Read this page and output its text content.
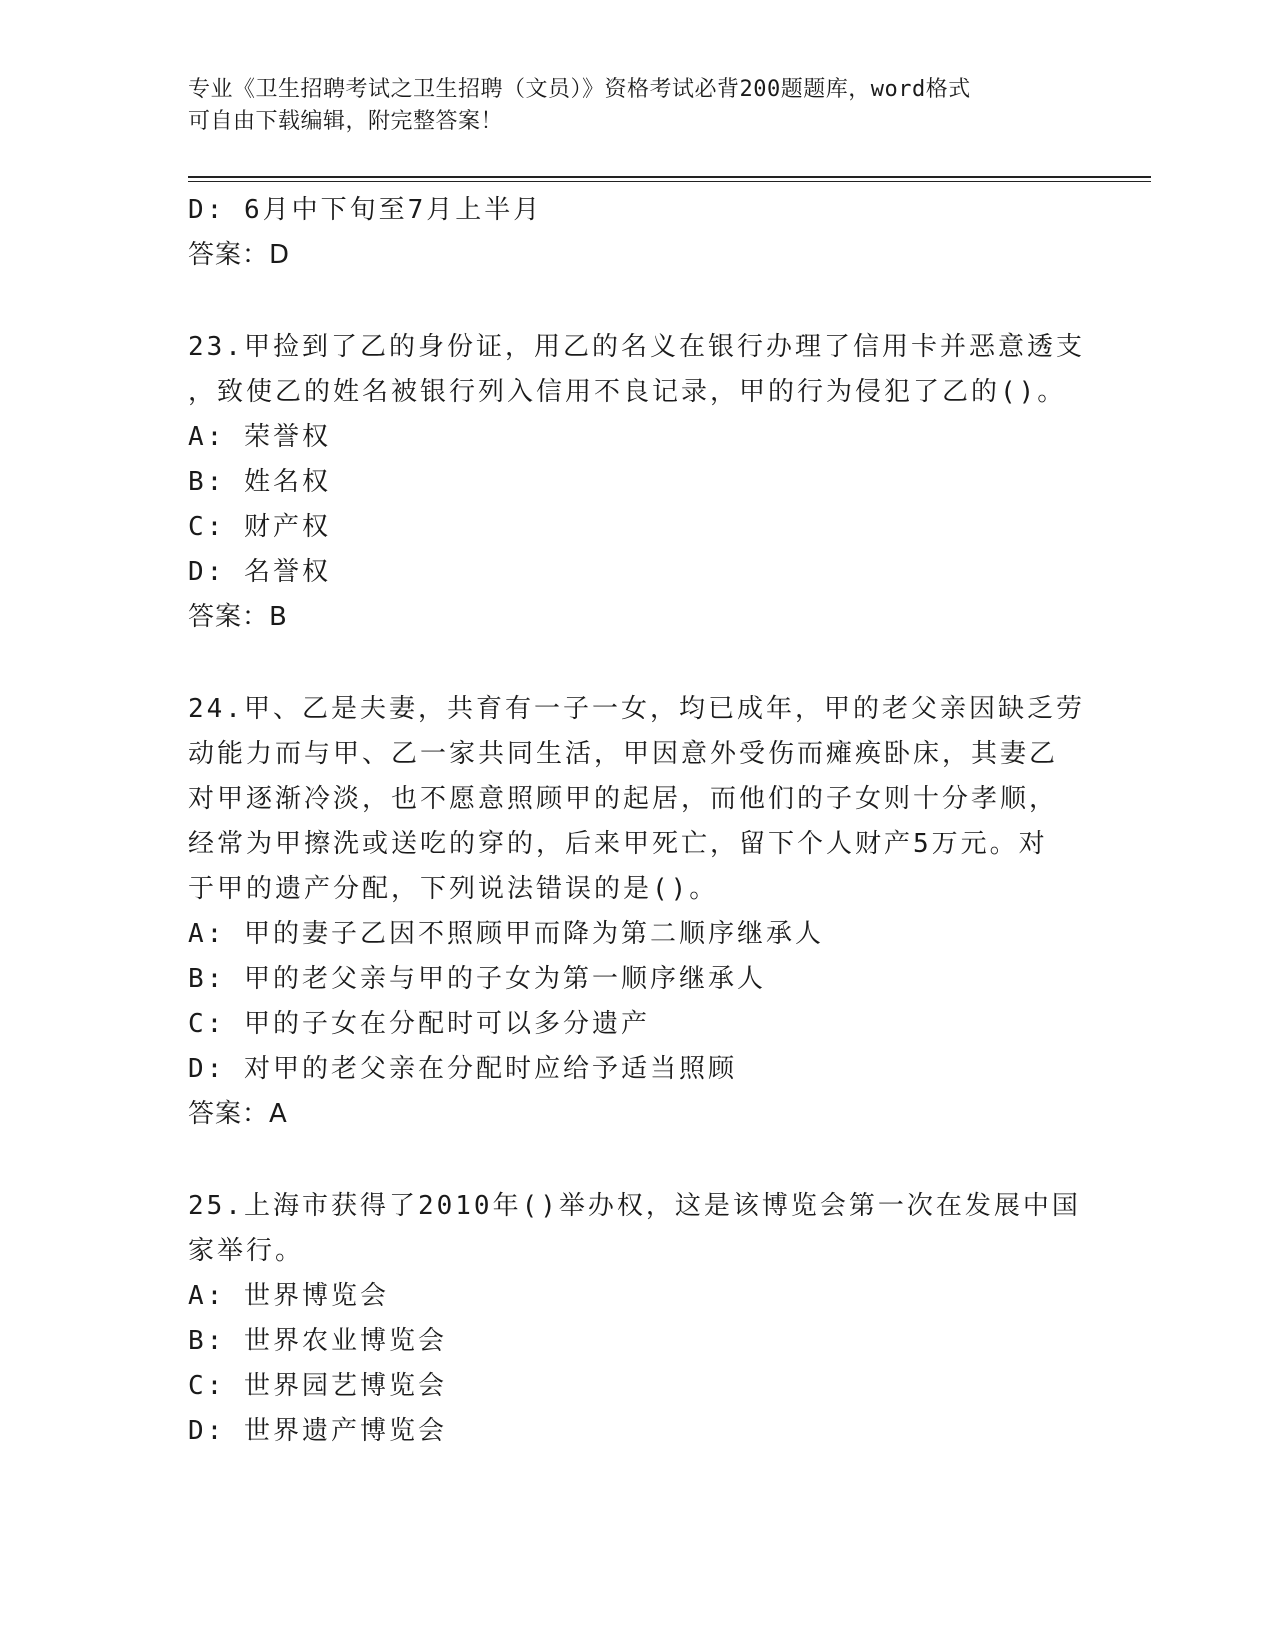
专业《卫生招聘考试之卫生招聘（文员）》资格考试必背200题题库，word格式
可自由下载编辑，附完整答案！
D: 6月中下旬至7月上半月
答案：D
23.甲捡到了乙的身份证，用乙的名义在银行办理了信用卡并恶意透支
，致使乙的姓名被银行列入信用不良记录，甲的行为侵犯了乙的()。
A: 荣誉权
B: 姓名权
C: 财产权
D: 名誉权
答案：B
24.甲、乙是夫妻，共育有一子一女，均已成年，甲的老父亲因缺乏劳
动能力而与甲、乙一家共同生活，甲因意外受伤而瘫痪卧床，其妻乙
对甲逐渐冷淡，也不愿意照顾甲的起居，而他们的子女则十分孝顺，
经常为甲擦洗或送吃的穿的，后来甲死亡，留下个人财产5万元。对
于甲的遗产分配，下列说法错误的是()。
A: 甲的妻子乙因不照顾甲而降为第二顺序继承人
B: 甲的老父亲与甲的子女为第一顺序继承人
C: 甲的子女在分配时可以多分遗产
D: 对甲的老父亲在分配时应给予适当照顾
答案：A
25.上海市获得了2010年()举办权，这是该博览会第一次在发展中国
家举行。
A: 世界博览会
B: 世界农业博览会
C: 世界园艺博览会
D: 世界遗产博览会
